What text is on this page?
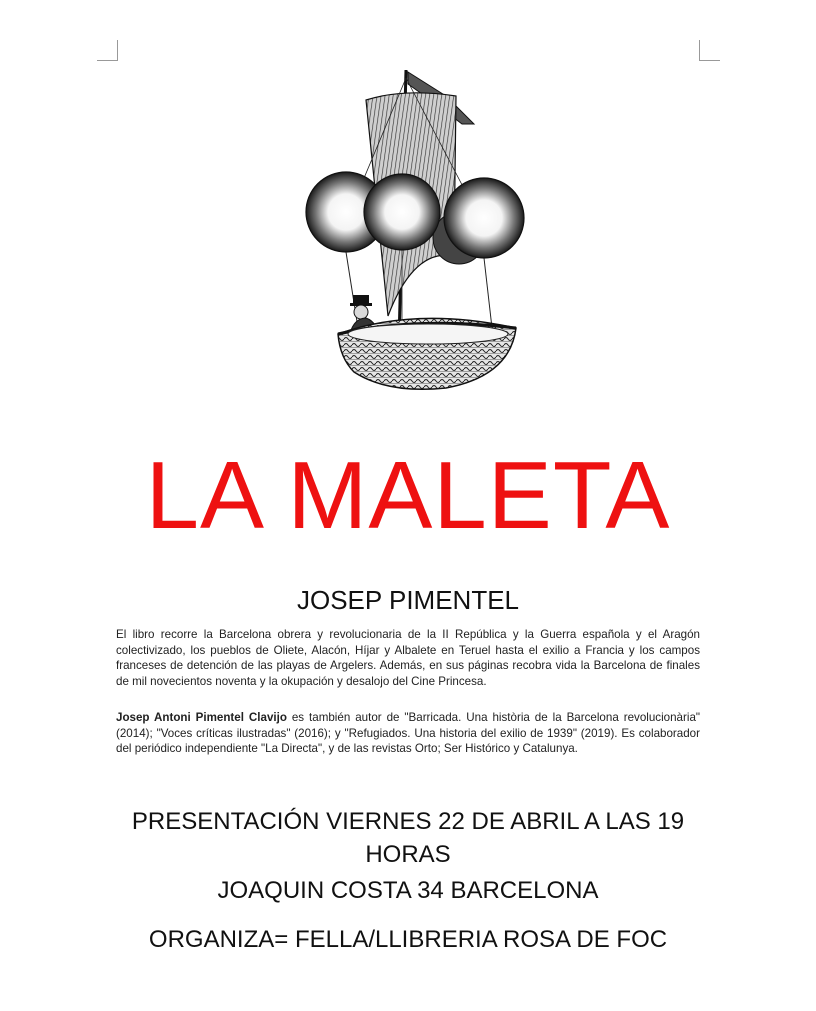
LA MALETA
JOSEP PIMENTEL

El libro recorre la Barcelona obrera y revolucionaria de la II República y la Guerra española y el Aragón colectivizado, los pueblos de Oliete, Alacón, Híjar y Albalete en Teruel hasta el exilio a Francia y los campos franceses de detención de las playas de Argelers. Además, en sus páginas recobra vida la Barcelona de finales de mil novecientos noventa y la okupación y desalojo del Cine Princesa.

Josep Antoni Pimentel Clavijo es también autor de "Barricada. Una història de la Barcelona revolucionària" (2014); "Voces críticas ilustradas" (2016); y "Refugiados. Una historia del exilio de 1939" (2019). Es colaborador del periódico independiente "La Directa", y de las revistas Orto; Ser Histórico y Catalunya.

PRESENTACIÓN VIERNES 22 DE ABRIL A LAS 19 HORAS
JOAQUIN COSTA 34 BARCELONA
ORGANIZA= FELLA/LLIBRERIA ROSA DE FOC
